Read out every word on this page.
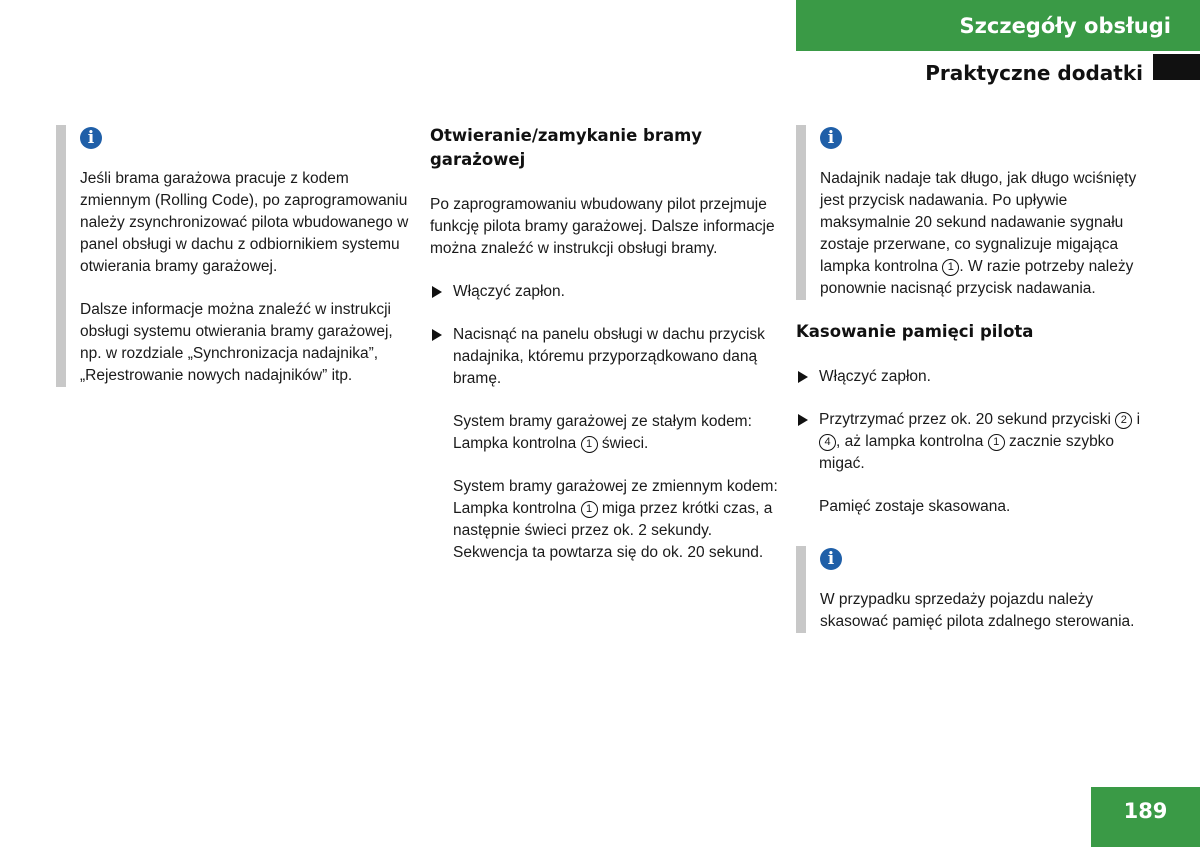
Szczegóły obsługi
Praktyczne dodatki
i

Jeśli brama garażowa pracuje z kodem zmiennym (Rolling Code), po zaprogramowaniu należy zsynchronizować pilota wbudowanego w panel obsługi w dachu z odbiornikiem systemu otwierania bramy garażowej.

Dalsze informacje można znaleźć w instrukcji obsługi systemu otwierania bramy garażowej, np. w rozdziale „Synchronizacja nadajnika”, „Rejestrowanie nowych nadajników” itp.

Otwieranie/zamykanie bramy garażowej

Po zaprogramowaniu wbudowany pilot przejmuje funkcję pilota bramy garażowej. Dalsze informacje można znaleźć w instrukcji obsługi bramy.

Włączyć zapłon.

Nacisnąć na panelu obsługi w dachu przycisk nadajnika, któremu przyporządkowano daną bramę.

System bramy garażowej ze stałym kodem:

Lampka kontrolna 1 świeci.

System bramy garażowej ze zmiennym kodem:

Lampka kontrolna 1 miga przez krótki czas, a następnie świeci przez ok. 2 sekundy. Sekwencja ta powtarza się do ok. 20 sekund.

i

Nadajnik nadaje tak długo, jak długo wciśnięty jest przycisk nadawania. Po upływie maksymalnie 20 sekund nadawanie sygnału zostaje przerwane, co sygnalizuje migająca lampka kontrolna 1 . W razie potrzeby należy ponownie nacisnąć przycisk nadawania.

Kasowanie pamięci pilota

Włączyć zapłon.

Przytrzymać przez ok. 20 sekund przyciski 2 i 4 , aż lampka kontrolna 1 zacznie szybko migać.

Pamięć zostaje skasowana.

i

W przypadku sprzedaży pojazdu należy skasować pamięć pilota zdalnego sterowania.

189
